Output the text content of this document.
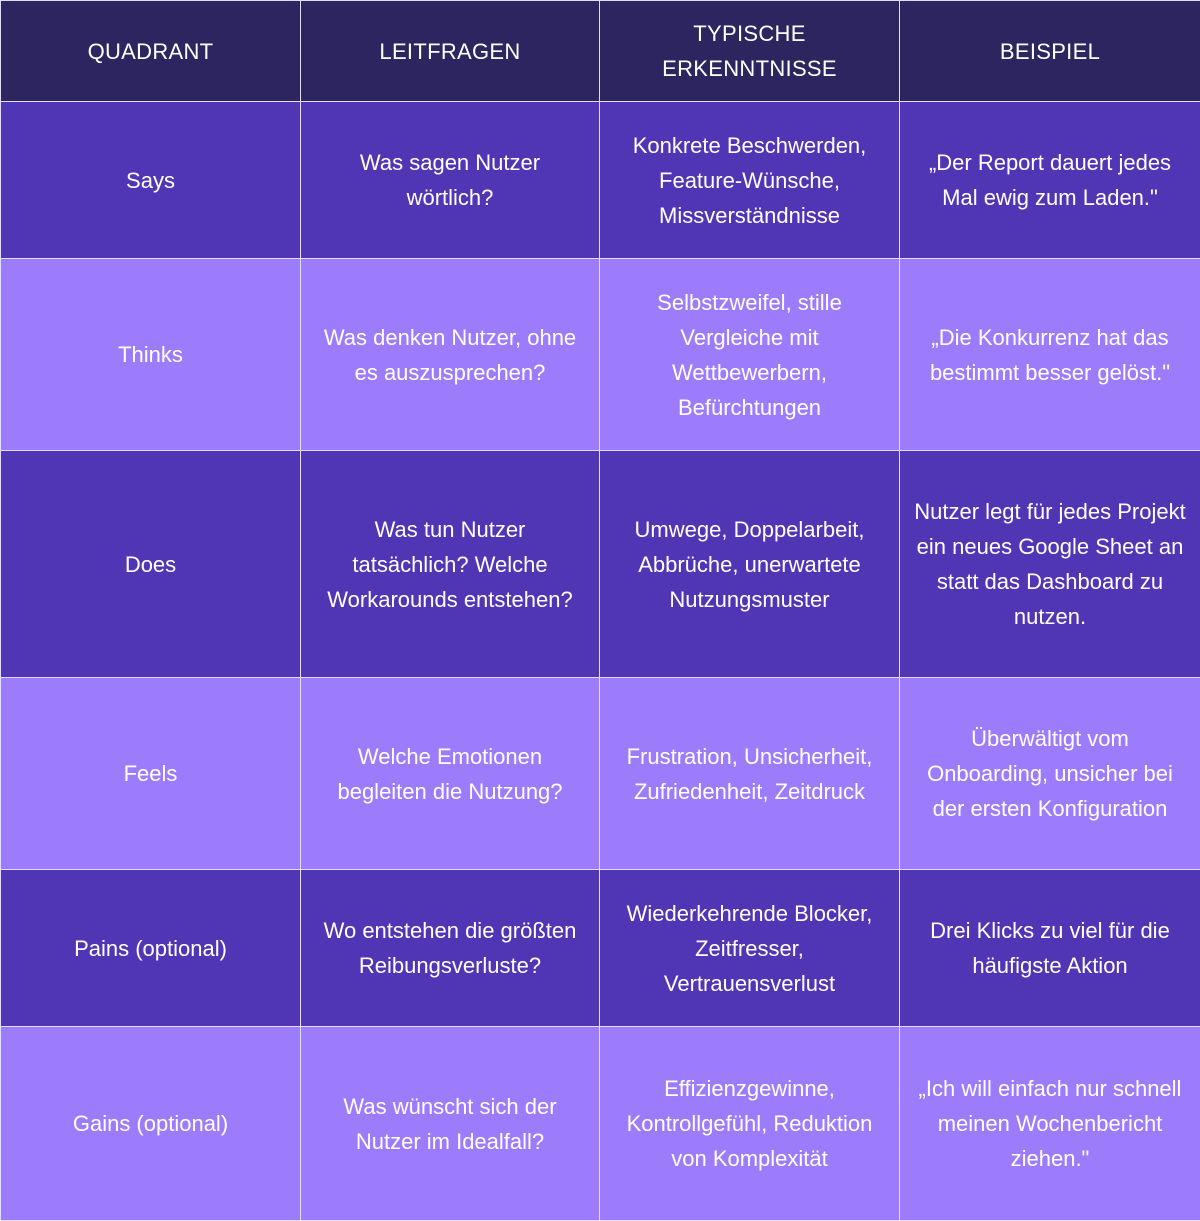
QUADRANT	LEITFRAGEN	TYPISCHE ERKENNTNISSE	BEISPIEL
Says	Was sagen Nutzer wörtlich?	Konkrete Beschwerden, Feature-Wünsche, Missverständnisse	„Der Report dauert jedes Mal ewig zum Laden."
Thinks	Was denken Nutzer, ohne es auszusprechen?	Selbstzweifel, stille Vergleiche mit Wettbewerbern, Befürchtungen	„Die Konkurrenz hat das bestimmt besser gelöst."
Does	Was tun Nutzer tatsächlich? Welche Workarounds entstehen?	Umwege, Doppelarbeit, Abbrüche, unerwartete Nutzungsmuster	Nutzer legt für jedes Projekt ein neues Google Sheet an statt das Dashboard zu nutzen.
Feels	Welche Emotionen begleiten die Nutzung?	Frustration, Unsicherheit, Zufriedenheit, Zeitdruck	Überwältigt vom Onboarding, unsicher bei der ersten Konfiguration
Pains (optional)	Wo entstehen die größten Reibungsverluste?	Wiederkehrende Blocker, Zeitfresser, Vertrauensverlust	Drei Klicks zu viel für die häufigste Aktion
Gains (optional)	Was wünscht sich der Nutzer im Idealfall?	Effizienzgewinne, Kontrollgefühl, Reduktion von Komplexität	„Ich will einfach nur schnell meinen Wochenbericht ziehen."
